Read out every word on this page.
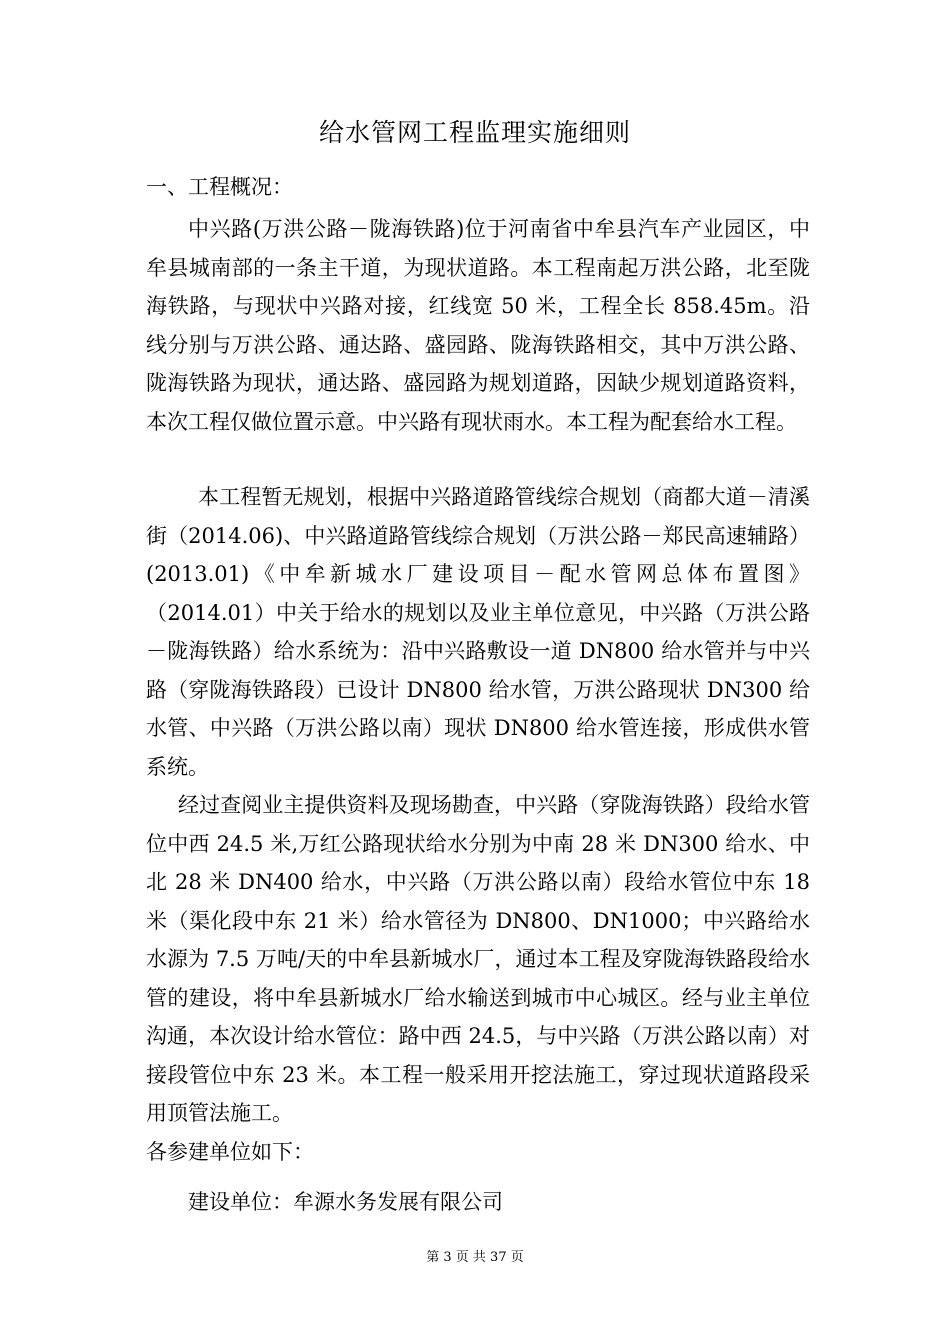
给水管网工程监理实施细则
一、工程概况：

中兴路(万洪公路－陇海铁路)位于河南省中牟县汽车产业园区，中牟县城南部的一条主干道，为现状道路。本工程南起万洪公路，北至陇海铁路，与现状中兴路对接，红线宽 50 米，工程全长 858.45m。沿线分别与万洪公路、通达路、盛园路、陇海铁路相交，其中万洪公路、陇海铁路为现状，通达路、盛园路为规划道路，因缺少规划道路资料，本次工程仅做位置示意。中兴路有现状雨水。本工程为配套给水工程。

本工程暂无规划，根据中兴路道路管线综合规划（商都大道－清溪街（2014.06)、中兴路道路管线综合规划（万洪公路－郑民高速辅路）(2013.01)《中牟新城水厂建设项目－配水管网总体布置图》（2014.01）中关于给水的规划以及业主单位意见，中兴路（万洪公路－陇海铁路）给水系统为：沿中兴路敷设一道 DN800 给水管并与中兴路（穿陇海铁路段）已设计 DN800 给水管，万洪公路现状 DN300 给水管、中兴路（万洪公路以南）现状 DN800 给水管连接，形成供水管系统。

经过查阅业主提供资料及现场勘查，中兴路（穿陇海铁路）段给水管位中西 24.5 米,万红公路现状给水分别为中南 28 米 DN300 给水、中北 28 米 DN400 给水，中兴路（万洪公路以南）段给水管位中东 18 米（渠化段中东 21 米）给水管径为 DN800、DN1000；中兴路给水水源为 7.5 万吨/天的中牟县新城水厂，通过本工程及穿陇海铁路段给水管的建设，将中牟县新城水厂给水输送到城市中心城区。经与业主单位沟通，本次设计给水管位：路中西 24.5，与中兴路（万洪公路以南）对接段管位中东 23 米。本工程一般采用开挖法施工，穿过现状道路段采用顶管法施工。

各参建单位如下：
建设单位：牟源水务发展有限公司
第 3 页 共 37 页
